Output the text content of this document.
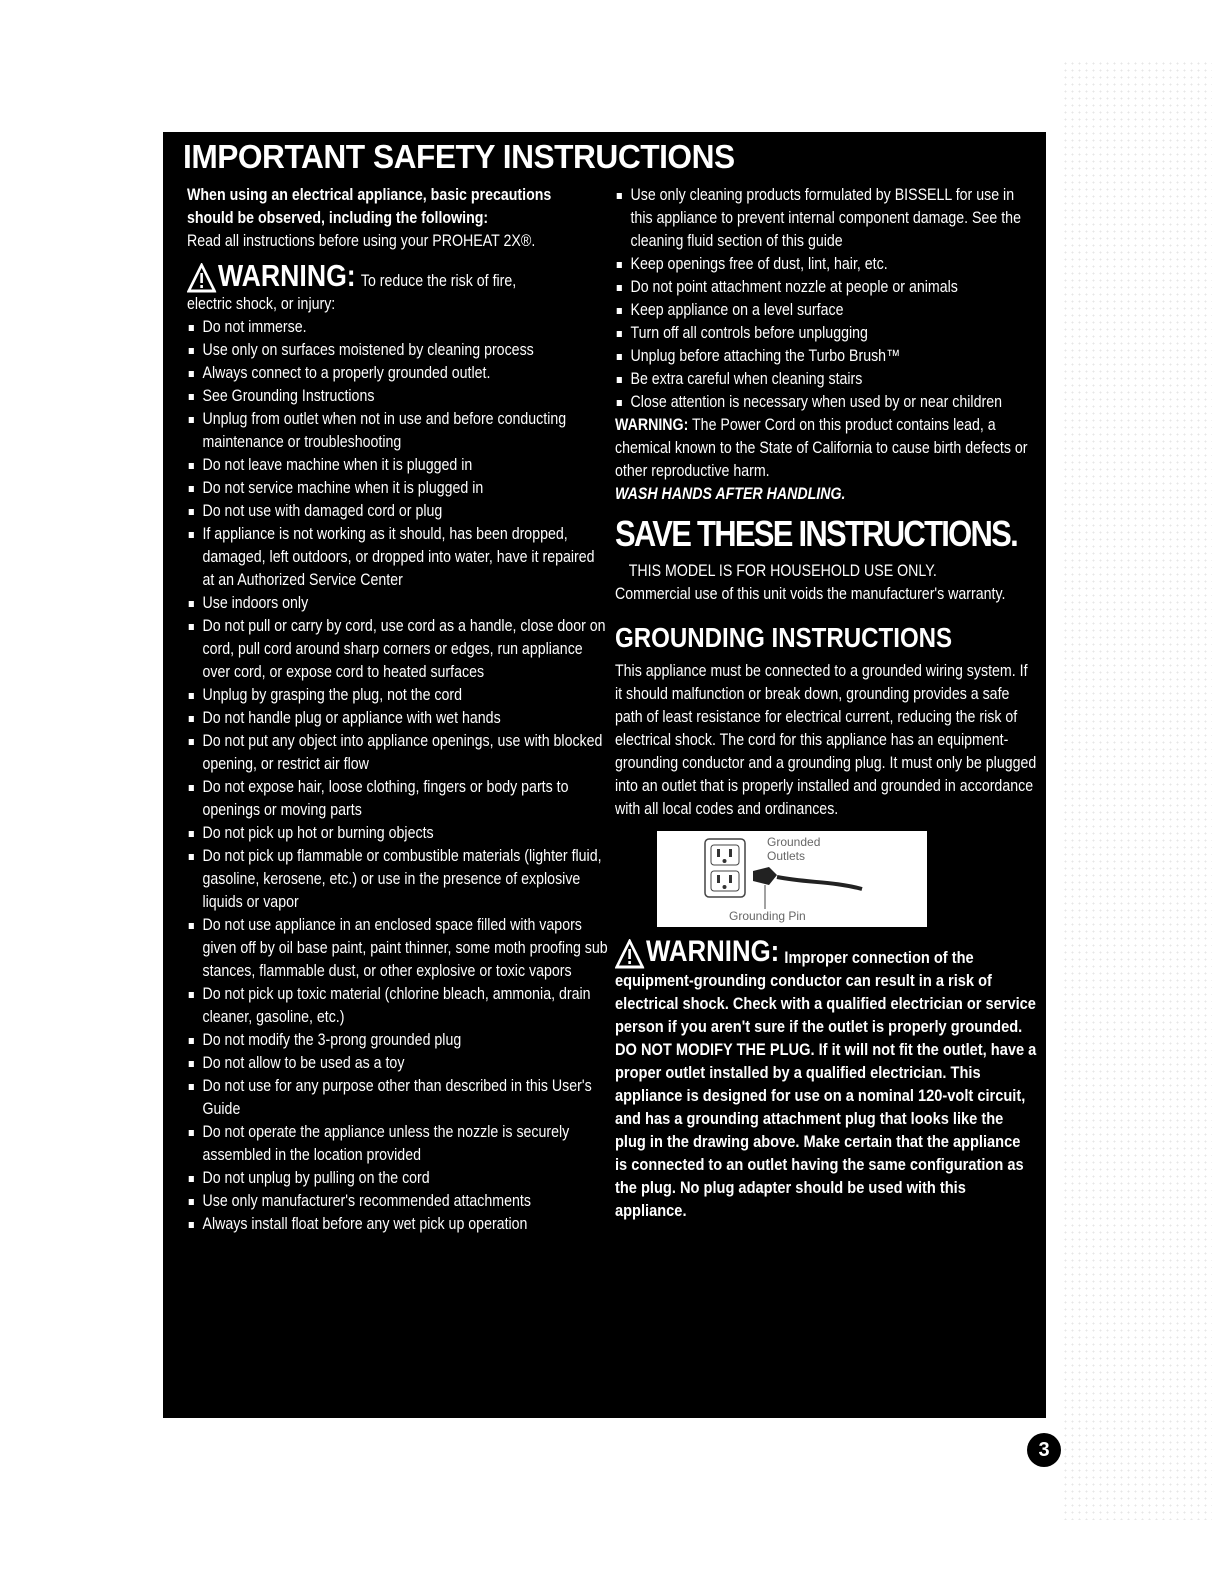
IMPORTANT SAFETY INSTRUCTIONS

When using an electrical appliance, basic precautions

should be observed, including the following:

Read all instructions before using your PROHEAT 2X®.

WARNING: To reduce the risk of fire,

electric shock, or injury:

Do not immerse.
Use only on surfaces moistened by cleaning process
Always connect to a properly grounded outlet.
See Grounding Instructions
Unplug from outlet when not in use and before conducting maintenance or troubleshooting
Do not leave machine when it is plugged in
Do not service machine when it is plugged in
Do not use with damaged cord or plug
If appliance is not working as it should, has been dropped, damaged, left outdoors, or dropped into water, have it repaired at an Authorized Service Center
Use indoors only
Do not pull or carry by cord, use cord as a handle, close door on cord, pull cord around sharp corners or edges, run appliance over cord, or expose cord to heated surfaces
Unplug by grasping the plug, not the cord
Do not handle plug or appliance with wet hands
Do not put any object into appliance openings, use with blocked opening, or restrict air flow
Do not expose hair, loose clothing, fingers or body parts to openings or moving parts
Do not pick up hot or burning objects
Do not pick up flammable or combustible materials (lighter fluid, gasoline, kerosene, etc.) or use in the presence of explosive liquids or vapor
Do not use appliance in an enclosed space filled with vapors given off by oil base paint, paint thinner, some moth proofing sub stances, flammable dust, or other explosive or toxic vapors
Do not pick up toxic material (chlorine bleach, ammonia, drain cleaner, gasoline, etc.)
Do not modify the 3-prong grounded plug
Do not allow to be used as a toy
Do not use for any purpose other than described in this User's Guide
Do not operate the appliance unless the nozzle is securely assembled in the location provided
Do not unplug by pulling on the cord
Use only manufacturer's recommended attachments
Always install float before any wet pick up operation
Use only cleaning products formulated by BISSELL for use in this appliance to prevent internal component damage. See the cleaning fluid section of this guide
Keep openings free of dust, lint, hair, etc.
Do not point attachment nozzle at people or animals
Keep appliance on a level surface
Turn off all controls before unplugging
Unplug before attaching the Turbo Brush™
Be extra careful when cleaning stairs
Close attention is necessary when used by or near children

WARNING: The Power Cord on this product contains lead, a chemical known to the State of California to cause birth defects or other reproductive harm.

WASH HANDS AFTER HANDLING.

SAVE THESE INSTRUCTIONS.

THIS MODEL IS FOR HOUSEHOLD USE ONLY.

Commercial use of this unit voids the manufacturer's warranty.

GROUNDING INSTRUCTIONS

This appliance must be connected to a grounded wiring system. If it should malfunction or break down, grounding provides a safe path of least resistance for electrical current, reducing the risk of electrical shock. The cord for this appliance has an equipment-grounding conductor and a grounding plug. It must only be plugged into an outlet that is properly installed and grounded in accordance with all local codes and ordinances.

Grounded Outlets
Grounding Pin
WARNING: Improper connection of the

equipment-grounding conductor can result in a risk of electrical shock. Check with a qualified electrician or service person if you aren't sure if the outlet is properly grounded. DO NOT MODIFY THE PLUG. If it will not fit the outlet, have a proper outlet installed by a qualified electrician. This appliance is designed for use on a nominal 120-volt circuit, and has a grounding attachment plug that looks like the plug in the drawing above. Make certain that the appliance is connected to an outlet having the same configuration as the plug. No plug adapter should be used with this appliance.

3
